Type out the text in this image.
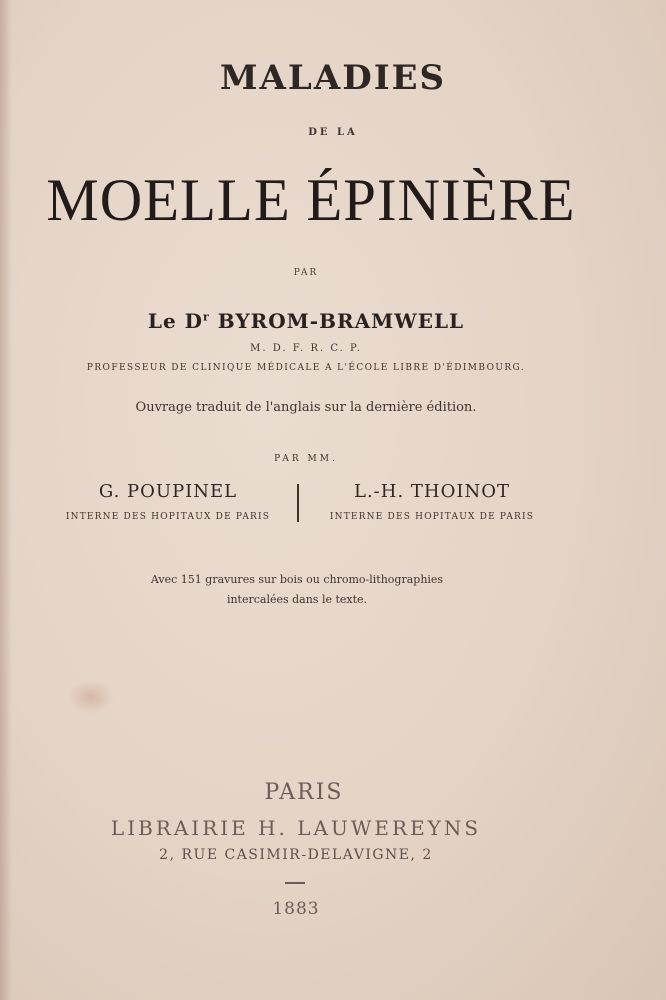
MALADIES
DE LA
MOELLE ÉPINIÈRE
PAR
Le $D^r$ BYROM-BRAMWELL
M. D. F. R. C. P.
PROFESSEUR DE CLINIQUE MÉDICALE A L'ÉCOLE LIBRE D'ÉDIMBOURG.
Ouvrage traduit de l'anglais sur la dernière édition.
PAR MM.
G. POUPINEL
INTERNE DES HOPITAUX DE PARIS
L.-H. THOINOT
INTERNE DES HOPITAUX DE PARIS
Avec 151 gravures sur bois ou chromo-lithographies
intercalées dans le texte.
PARIS
LIBRAIRIE H. LAUWEREYNS
2, RUE CASIMIR-DELAVIGNE, 2
1883
